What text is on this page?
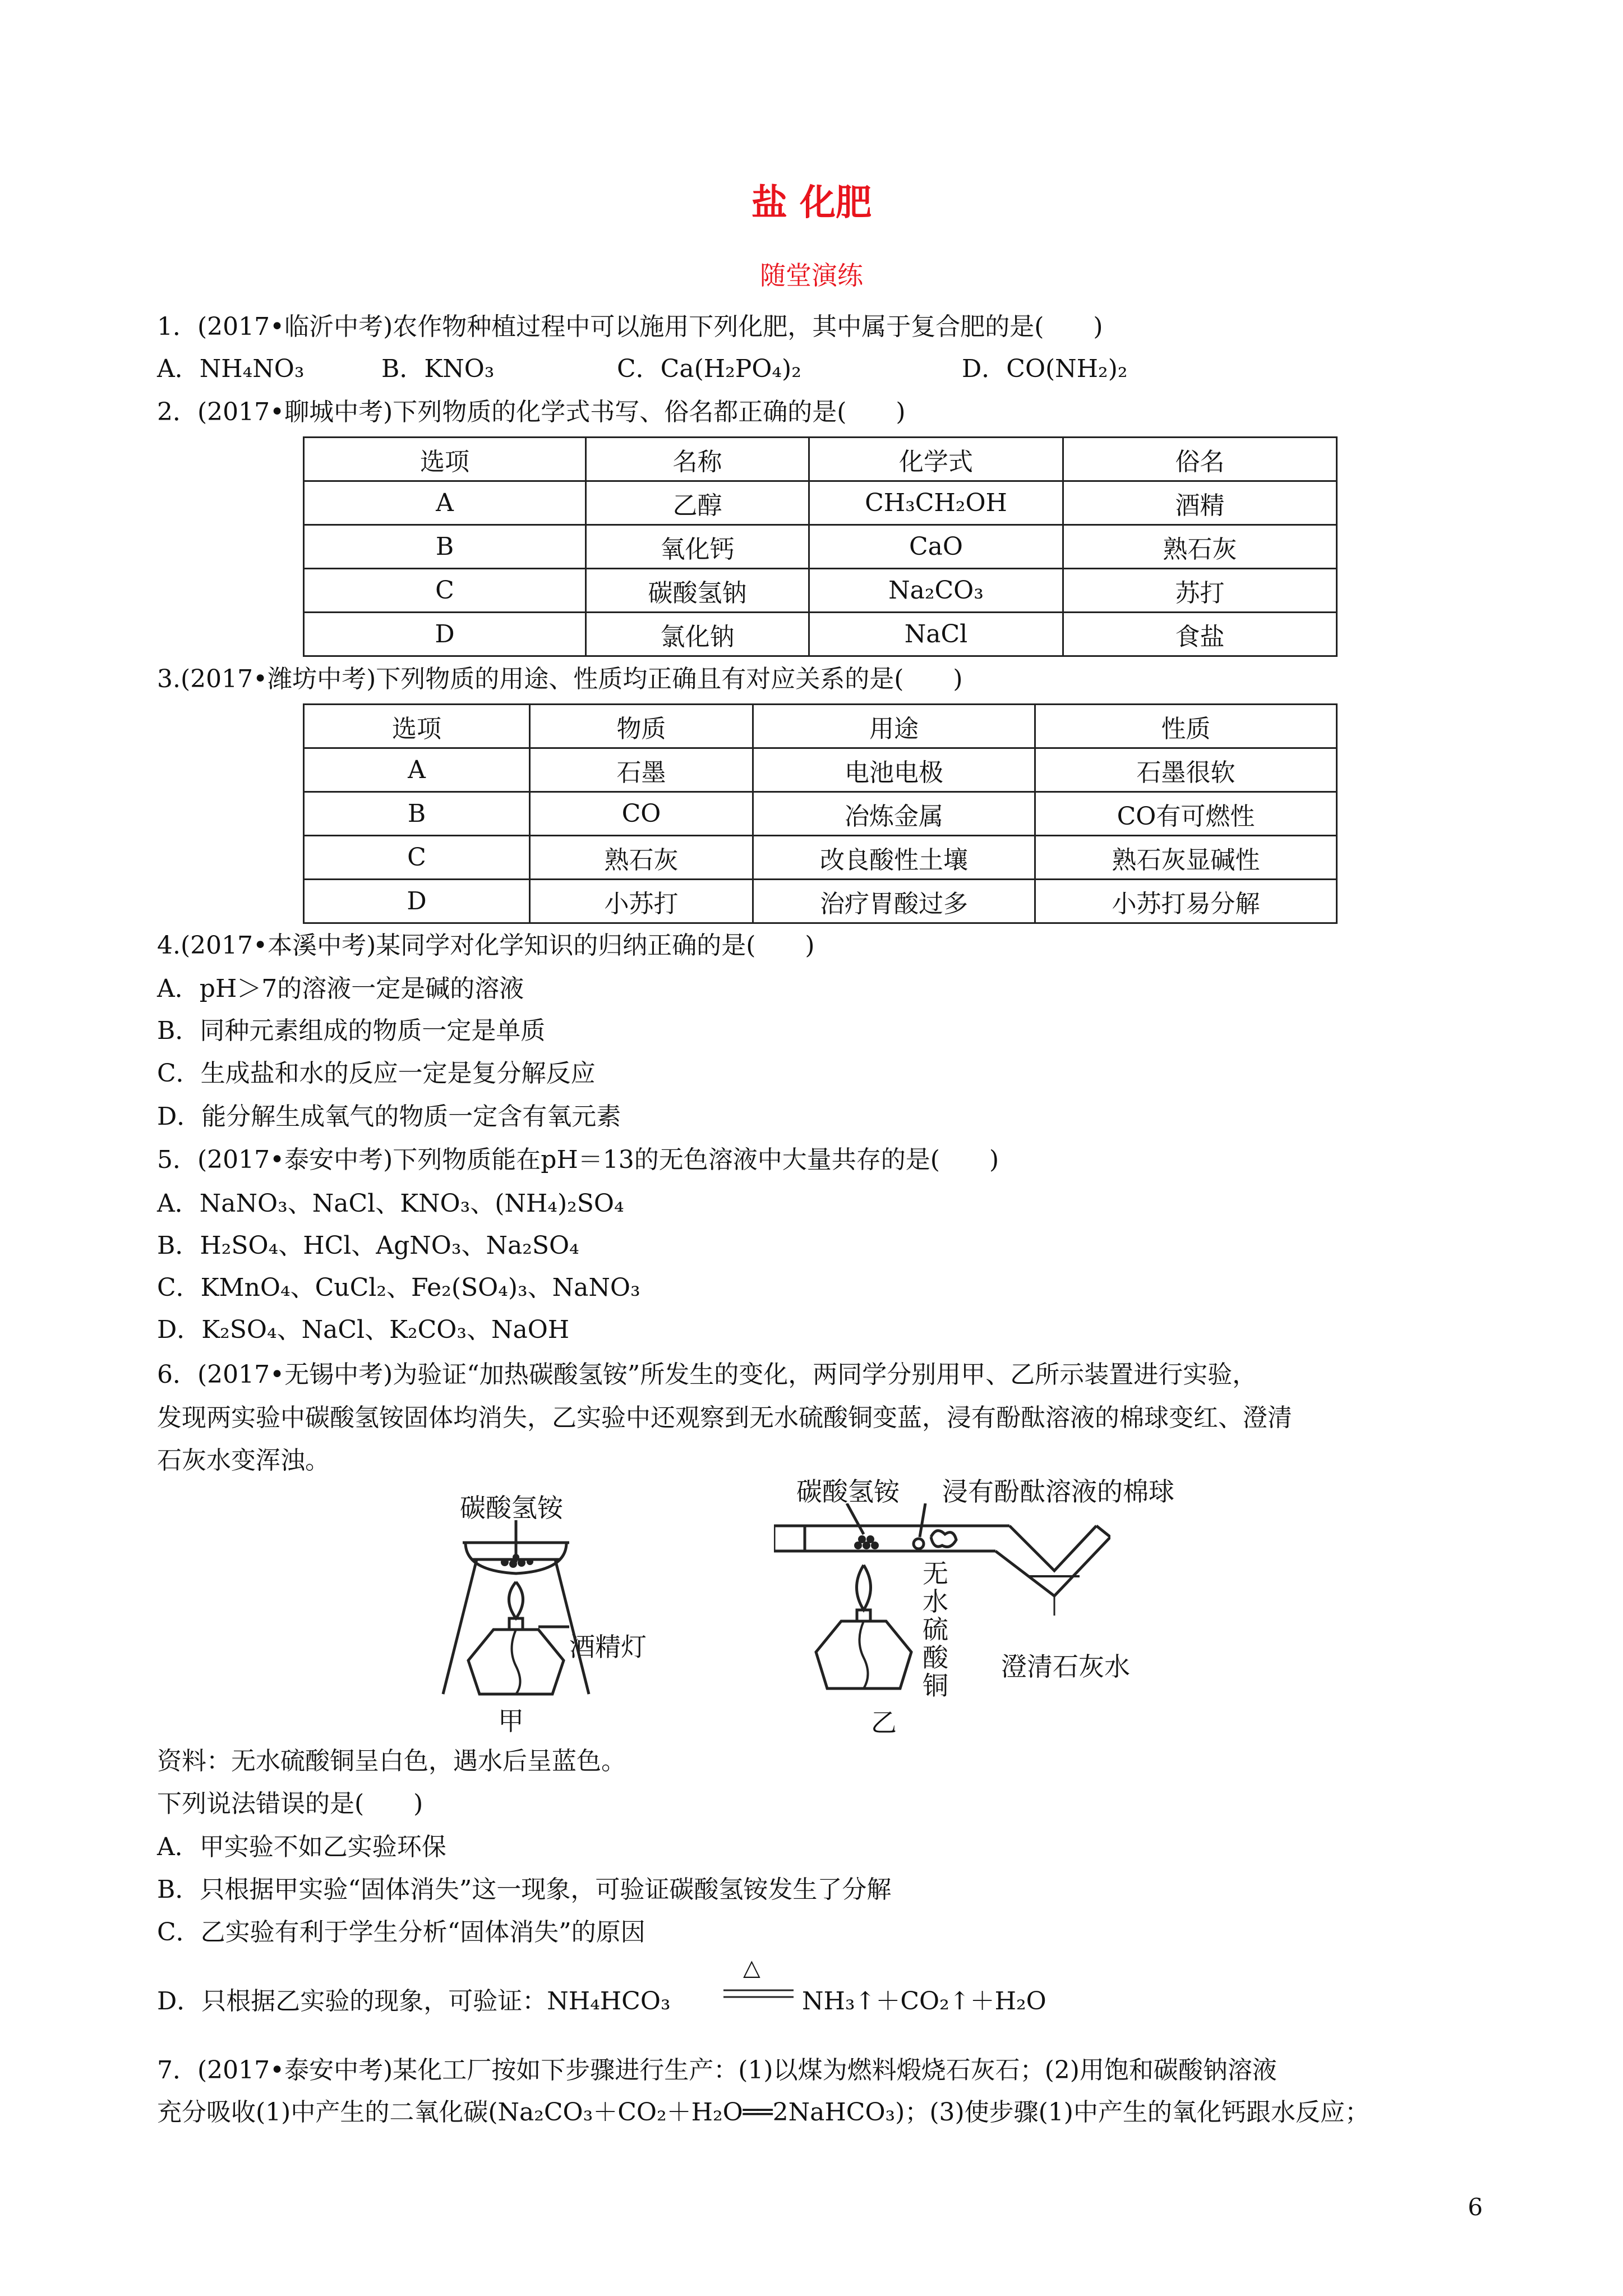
盐 化肥
随堂演练
1．(2017•临沂中考)农作物种植过程中可以施用下列化肥，其中属于复合肥的是(　　)
A．NH₄NO₃	B．KNO₃	C．Ca(H₂PO₄)₂	D．CO(NH₂)₂
2．(2017•聊城中考)下列物质的化学式书写、俗名都正确的是(　　)
选项	名称	化学式	俗名
A	乙醇	CH₃CH₂OH	酒精
B	氧化钙	CaO	熟石灰
C	碳酸氢钠	Na₂CO₃	苏打
D	氯化钠	NaCl	食盐
3.(2017•潍坊中考)下列物质的用途、性质均正确且有对应关系的是(　　)
选项	物质	用途	性质
A	石墨	电池电极	石墨很软
B	CO	冶炼金属	CO有可燃性
C	熟石灰	改良酸性土壤	熟石灰显碱性
D	小苏打	治疗胃酸过多	小苏打易分解
4.(2017•本溪中考)某同学对化学知识的归纳正确的是(　　)
A．pH＞7的溶液一定是碱的溶液
B．同种元素组成的物质一定是单质
C．生成盐和水的反应一定是复分解反应
D．能分解生成氧气的物质一定含有氧元素
5．(2017•泰安中考)下列物质能在pH＝13的无色溶液中大量共存的是(　　)
A．NaNO₃、NaCl、KNO₃、(NH₄)₂SO₄
B．H₂SO₄、HCl、AgNO₃、Na₂SO₄
C．KMnO₄、CuCl₂、Fe₂(SO₄)₃、NaNO₃
D．K₂SO₄、NaCl、K₂CO₃、NaOH
6．(2017•无锡中考)为验证“加热碳酸氢铵”所发生的变化，两同学分别用甲、乙所示装置进行实验，
发现两实验中碳酸氢铵固体均消失，乙实验中还观察到无水硫酸铜变蓝，浸有酚酞溶液的棉球变红、澄清
石灰水变浑浊。
碳酸氢铵
酒精灯
甲
碳酸氢铵 浸有酚酞溶液的棉球
无水硫酸铜
澄清石灰水
乙
资料：无水硫酸铜呈白色，遇水后呈蓝色。
下列说法错误的是(　　)
A．甲实验不如乙实验环保
B．只根据甲实验“固体消失”这一现象，可验证碳酸氢铵发生了分解
C．乙实验有利于学生分析“固体消失”的原因
D．只根据乙实验的现象，可验证：NH₄HCO₃
△
NH₃↑＋CO₂↑＋H₂O
7．(2017•泰安中考)某化工厂按如下步骤进行生产：(1)以煤为燃料煅烧石灰石；(2)用饱和碳酸钠溶液
充分吸收(1)中产生的二氧化碳(Na₂CO₃＋CO₂＋H₂O══2NaHCO₃)；(3)使步骤(1)中产生的氧化钙跟水反应；
6
